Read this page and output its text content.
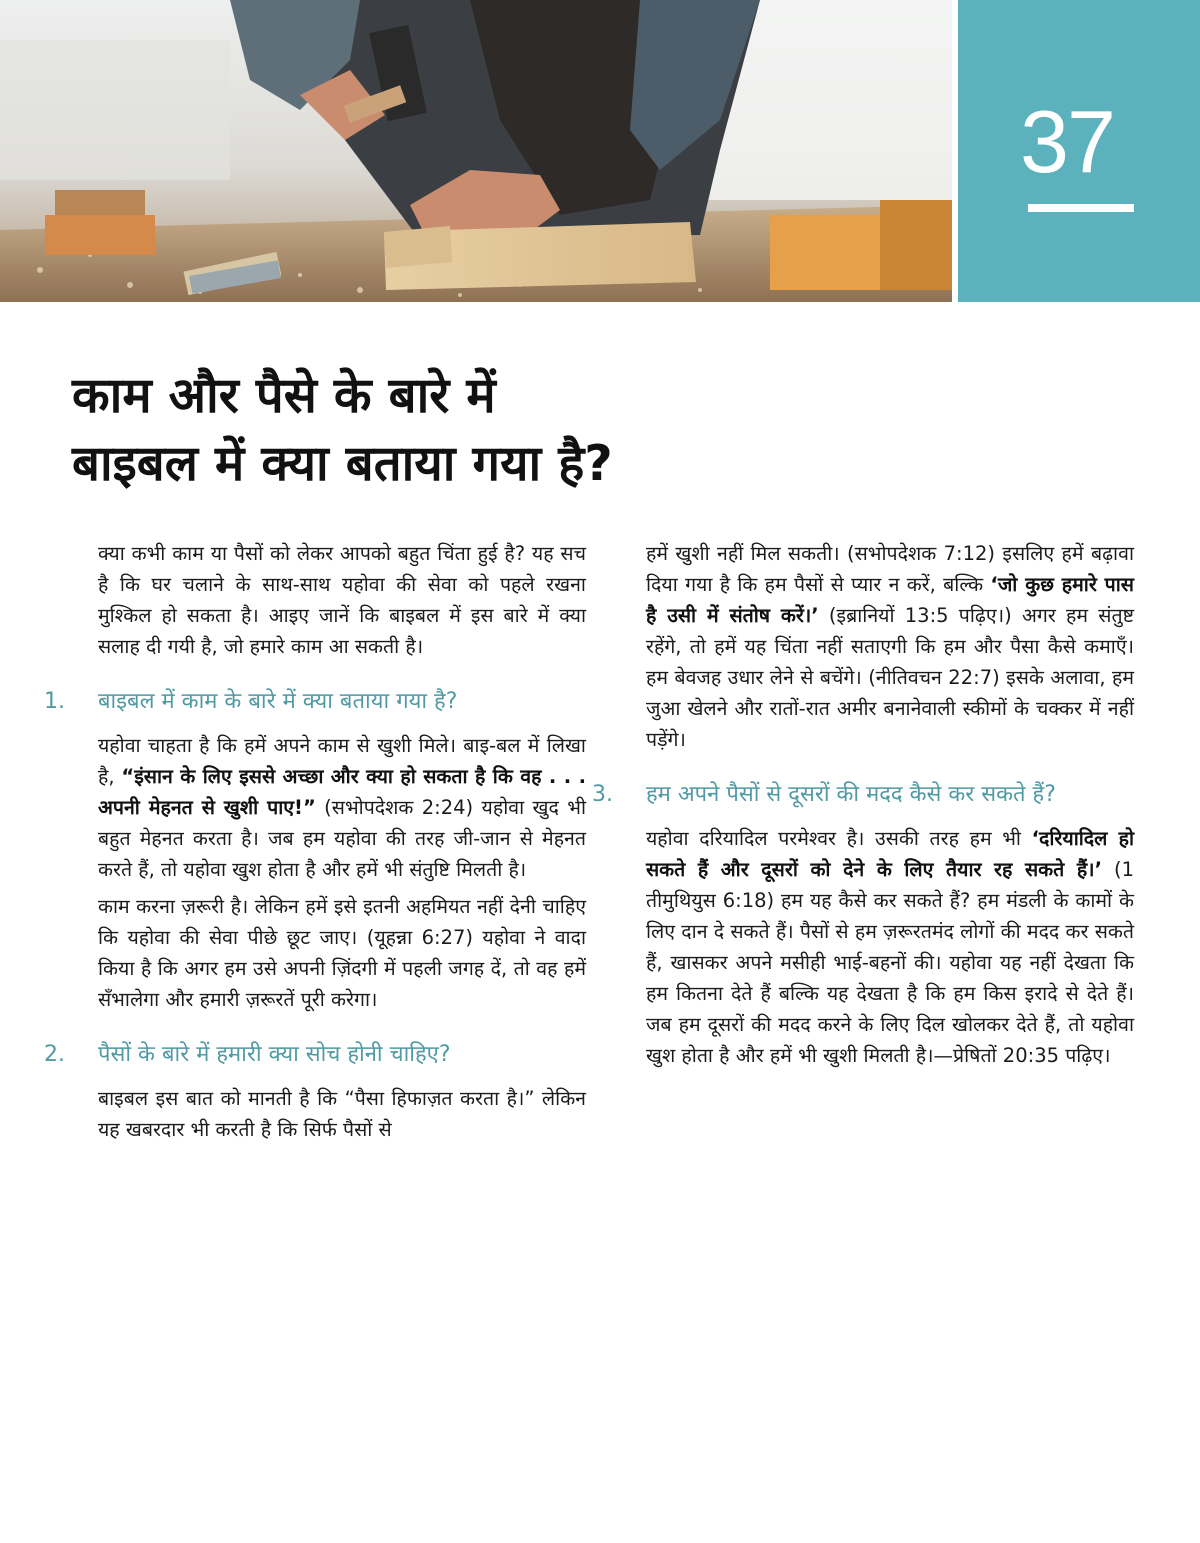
37
काम और पैसे के बारे में
बाइबल में क्या बताया गया है?

क्या कभी काम या पैसों को लेकर आपको बहुत चिंता हुई है? यह सच है कि घर चलाने के साथ-साथ यहोवा की सेवा को पहले रखना मुश्किल हो सकता है। आइए जानें कि बाइबल में इस बारे में क्या सलाह दी गयी है, जो हमारे काम आ सकती है।

1. बाइबल में काम के बारे में क्या बताया गया है?

यहोवा चाहता है कि हमें अपने काम से खुशी मिले। बाइ-बल में लिखा है, “इंसान के लिए इससे अच्छा और क्या हो सकता है कि वह . . . अपनी मेहनत से खुशी पाए!” (सभोपदेशक 2:24) यहोवा खुद भी बहुत मेहनत करता है। जब हम यहोवा की तरह जी-जान से मेहनत करते हैं, तो यहोवा खुश होता है और हमें भी संतुष्टि मिलती है।

काम करना ज़रूरी है। लेकिन हमें इसे इतनी अहमियत नहीं देनी चाहिए कि यहोवा की सेवा पीछे छूट जाए। (यूहन्ना 6:27) यहोवा ने वादा किया है कि अगर हम उसे अपनी ज़िंदगी में पहली जगह दें, तो वह हमें सँभालेगा और हमारी ज़रूरतें पूरी करेगा।

2. पैसों के बारे में हमारी क्या सोच होनी चाहिए?

बाइबल इस बात को मानती है कि “पैसा हिफाज़त करता है।” लेकिन यह खबरदार भी करती है कि सिर्फ पैसों से

हमें खुशी नहीं मिल सकती। (सभोपदेशक 7:12) इसलिए हमें बढ़ावा दिया गया है कि हम पैसों से प्यार न करें, बल्कि ‘जो कुछ हमारे पास है उसी में संतोष करें।’ (इब्रानियों 13:5 पढ़िए।) अगर हम संतुष्ट रहेंगे, तो हमें यह चिंता नहीं सताएगी कि हम और पैसा कैसे कमाएँ। हम बेवजह उधार लेने से बचेंगे। (नीतिवचन 22:7) इसके अलावा, हम जुआ खेलने और रातों-रात अमीर बनानेवाली स्कीमों के चक्कर में नहीं पड़ेंगे।

3. हम अपने पैसों से दूसरों की मदद कैसे कर सकते हैं?

यहोवा दरियादिल परमेश्वर है। उसकी तरह हम भी ‘दरियादिल हो सकते हैं और दूसरों को देने के लिए तैयार रह सकते हैं।’ (1 तीमुथियुस 6:18) हम यह कैसे कर सकते हैं? हम मंडली के कामों के लिए दान दे सकते हैं। पैसों से हम ज़रूरतमंद लोगों की मदद कर सकते हैं, खासकर अपने मसीही भाई-बहनों की। यहोवा यह नहीं देखता कि हम कितना देते हैं बल्कि यह देखता है कि हम किस इरादे से देते हैं। जब हम दूसरों की मदद करने के लिए दिल खोलकर देते हैं, तो यहोवा खुश होता है और हमें भी खुशी मिलती है।—प्रेषितों 20:35 पढ़िए।
